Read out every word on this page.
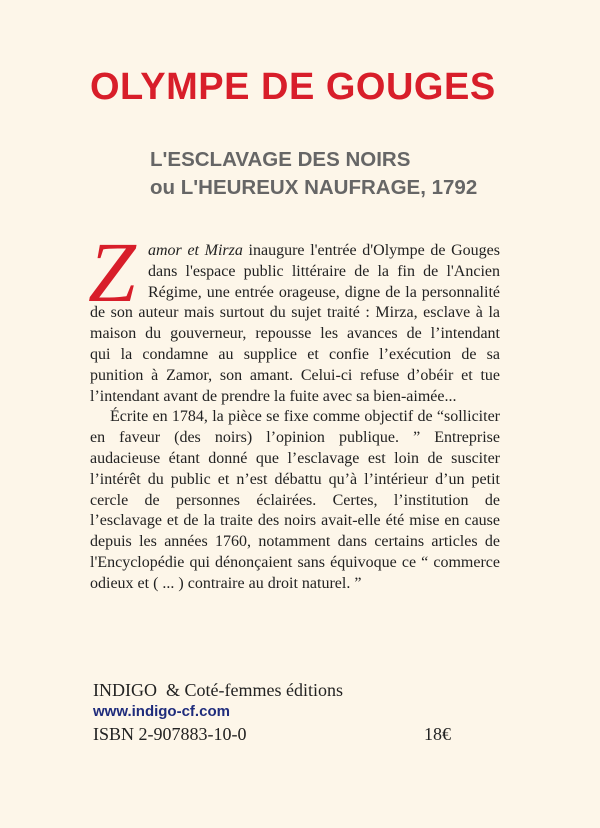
OLYMPE DE GOUGES
L'ESCLAVAGE DES NOIRS
ou L'HEUREUX NAUFRAGE, 1792
Z amor et Mirza inaugure l'entrée d'Olympe de Gouges
dans l'espace public littéraire de la fin de l'Ancien
Régime, une entrée orageuse, digne de la personnalité
de son auteur mais surtout du sujet traité : Mirza, esclave à la
maison du gouverneur, repousse les avances de l’intendant
qui la condamne au supplice et confie l’exécution de sa
punition à Zamor, son amant. Celui-ci refuse d’obéir et tue
l’intendant avant de prendre la fuite avec sa bien-aimée...
Écrite en 1784, la pièce se fixe comme objectif de “solliciter
en faveur (des noirs) l’opinion publique. ” Entreprise
audacieuse étant donné que l’esclavage est loin de susciter
l’intérêt du public et n’est débattu qu’à l’intérieur d’un petit
cercle de personnes éclairées. Certes, l’institution de
l’esclavage et de la traite des noirs avait-elle été mise en cause
depuis les années 1760, notamment dans certains articles de
l'Encyclopédie qui dénonçaient sans équivoque ce “ commerce
odieux et ( ... ) contraire au droit naturel. ”
INDIGO  & Coté-femmes éditions
www.indigo-cf.com
ISBN 2-907883-10-0	18€
